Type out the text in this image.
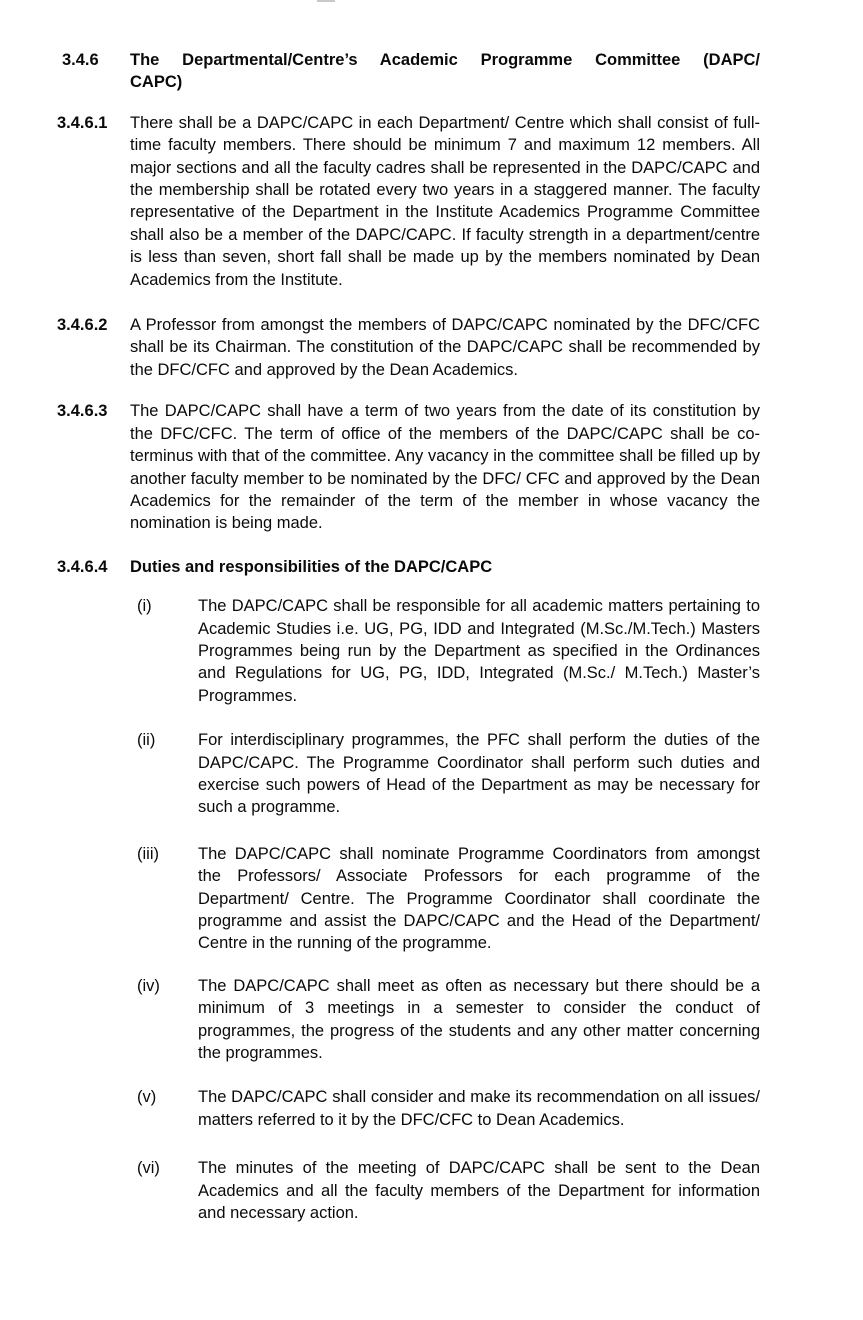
3.4.6	The Departmental/Centre’s Academic Programme Committee (DAPC/
CAPC)
3.4.6.1	There shall be a DAPC/CAPC in each Department/ Centre which shall consist of full-time faculty members. There should be minimum 7 and maximum 12 members. All major sections and all the faculty cadres shall be represented in the DAPC/CAPC and the membership shall be rotated every two years in a staggered manner. The faculty representative of the Department in the Institute Academics Programme Committee shall also be a member of the DAPC/CAPC. If faculty strength in a department/centre is less than seven, short fall shall be made up by the members nominated by Dean Academics from the Institute.

3.4.6.2	A Professor from amongst the members of DAPC/CAPC nominated by the DFC/CFC shall be its Chairman. The constitution of the DAPC/CAPC shall be recommended by the DFC/CFC and approved by the Dean Academics.

3.4.6.3	The DAPC/CAPC shall have a term of two years from the date of its constitution by the DFC/CFC. The term of office of the members of the DAPC/CAPC shall be co-terminus with that of the committee. Any vacancy in the committee shall be filled up by another faculty member to be nominated by the DFC/ CFC and approved by the Dean Academics for the remainder of the term of the member in whose vacancy the nomination is being made.

3.4.6.4	Duties and responsibilities of the DAPC/CAPC
(i)	The DAPC/CAPC shall be responsible for all academic matters pertaining to Academic Studies i.e. UG, PG, IDD and Integrated (M.Sc./M.Tech.) Masters Programmes being run by the Department as specified in the Ordinances and Regulations for UG, PG, IDD, Integrated (M.Sc./ M.Tech.) Master’s Programmes.

(ii)	For interdisciplinary programmes, the PFC shall perform the duties of the DAPC/CAPC. The Programme Coordinator shall perform such duties and exercise such powers of Head of the Department as may be necessary for such a programme.

(iii)	The DAPC/CAPC shall nominate Programme Coordinators from amongst the Professors/ Associate Professors for each programme of the Department/ Centre. The Programme Coordinator shall coordinate the programme and assist the DAPC/CAPC and the Head of the Department/ Centre in the running of the programme.

(iv)	The DAPC/CAPC shall meet as often as necessary but there should be a minimum of 3 meetings in a semester to consider the conduct of programmes, the progress of the students and any other matter concerning the programmes.

(v)	The DAPC/CAPC shall consider and make its recommendation on all issues/ matters referred to it by the DFC/CFC to Dean Academics.

(vi)	The minutes of the meeting of DAPC/CAPC shall be sent to the Dean Academics and all the faculty members of the Department for information and necessary action.
